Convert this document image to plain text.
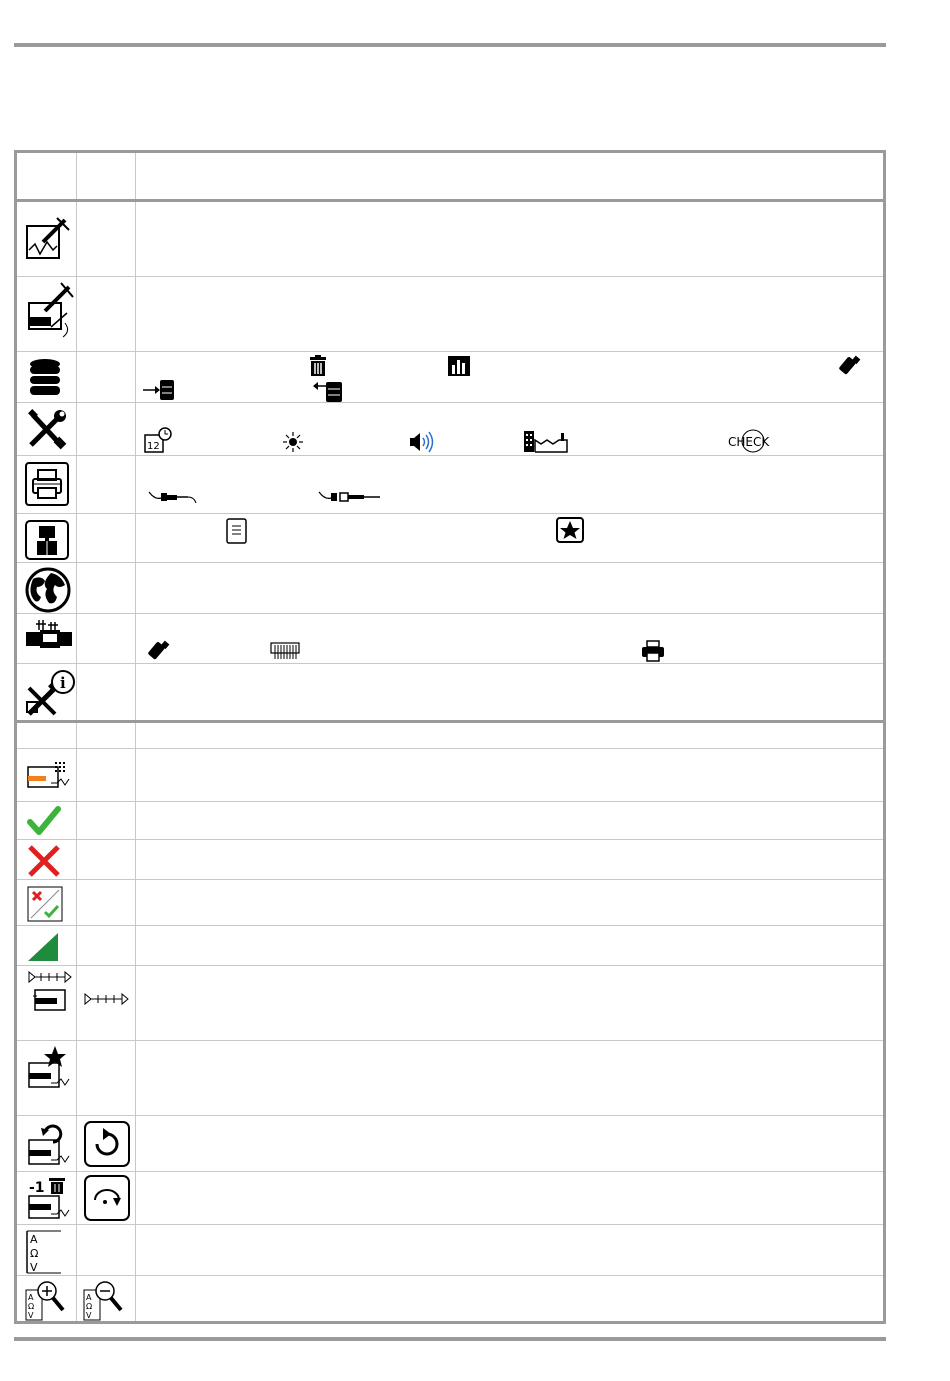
12	CHECK
i
-1
A
Ω
V
A
Ω
V
A
Ω
V
